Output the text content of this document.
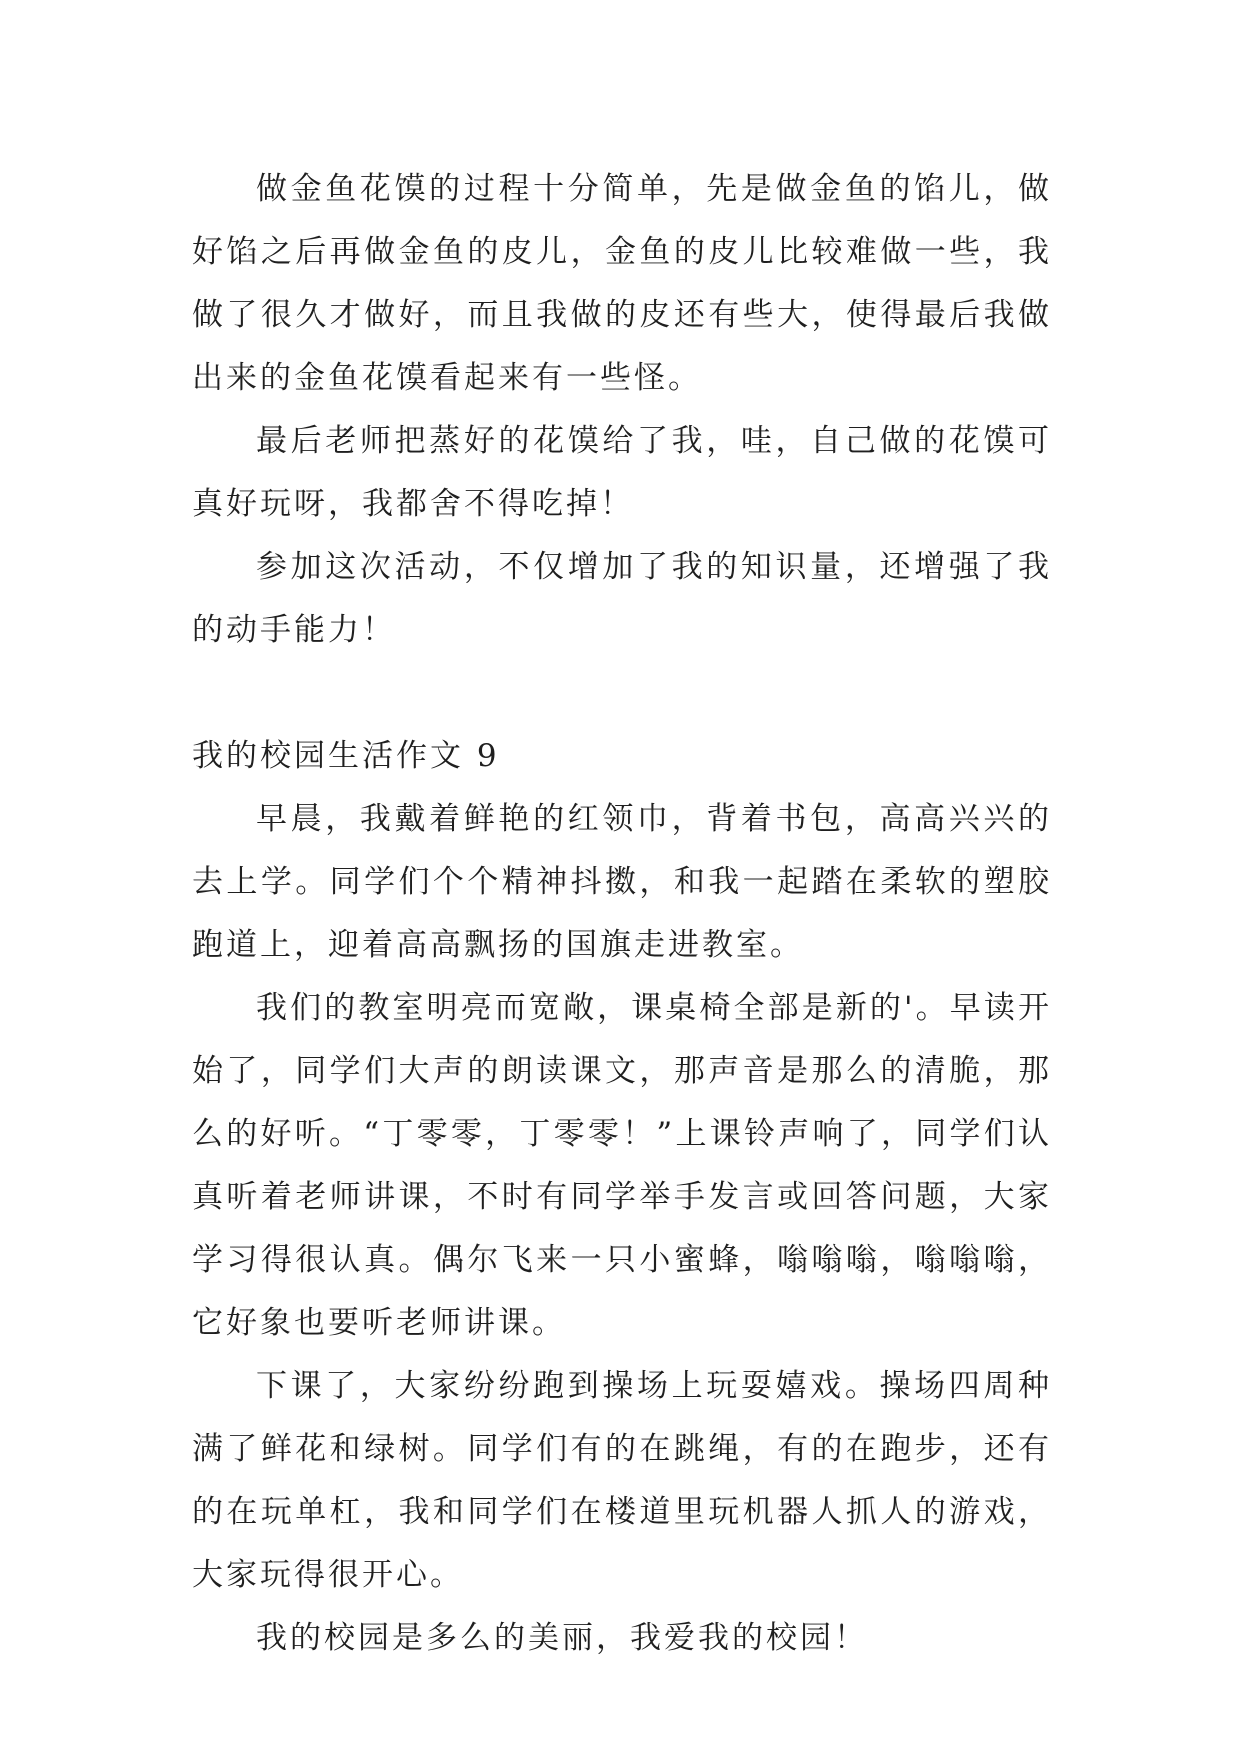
做金鱼花馍的过程十分简单，先是做金鱼的馅儿，做好馅之后再做金鱼的皮儿，金鱼的皮儿比较难做一些，我做了很久才做好，而且我做的皮还有些大，使得最后我做出来的金鱼花馍看起来有一些怪。

最后老师把蒸好的花馍给了我，哇，自己做的花馍可真好玩呀，我都舍不得吃掉！

参加这次活动，不仅增加了我的知识量，还增强了我的动手能力！

我的校园生活作文 9

早晨，我戴着鲜艳的红领巾，背着书包，高高兴兴的去上学。同学们个个精神抖擞，和我一起踏在柔软的塑胶跑道上，迎着高高飘扬的国旗走进教室。

我们的教室明亮而宽敞，课桌椅全部是新的'。早读开始了，同学们大声的朗读课文，那声音是那么的清脆，那么的好听。“丁零零，丁零零！”上课铃声响了，同学们认真听着老师讲课，不时有同学举手发言或回答问题，大家学习得很认真。偶尔飞来一只小蜜蜂，嗡嗡嗡，嗡嗡嗡，它好象也要听老师讲课。

下课了，大家纷纷跑到操场上玩耍嬉戏。操场四周种满了鲜花和绿树。同学们有的在跳绳，有的在跑步，还有的在玩单杠，我和同学们在楼道里玩机器人抓人的游戏，大家玩得很开心。

我的校园是多么的美丽，我爱我的校园！
